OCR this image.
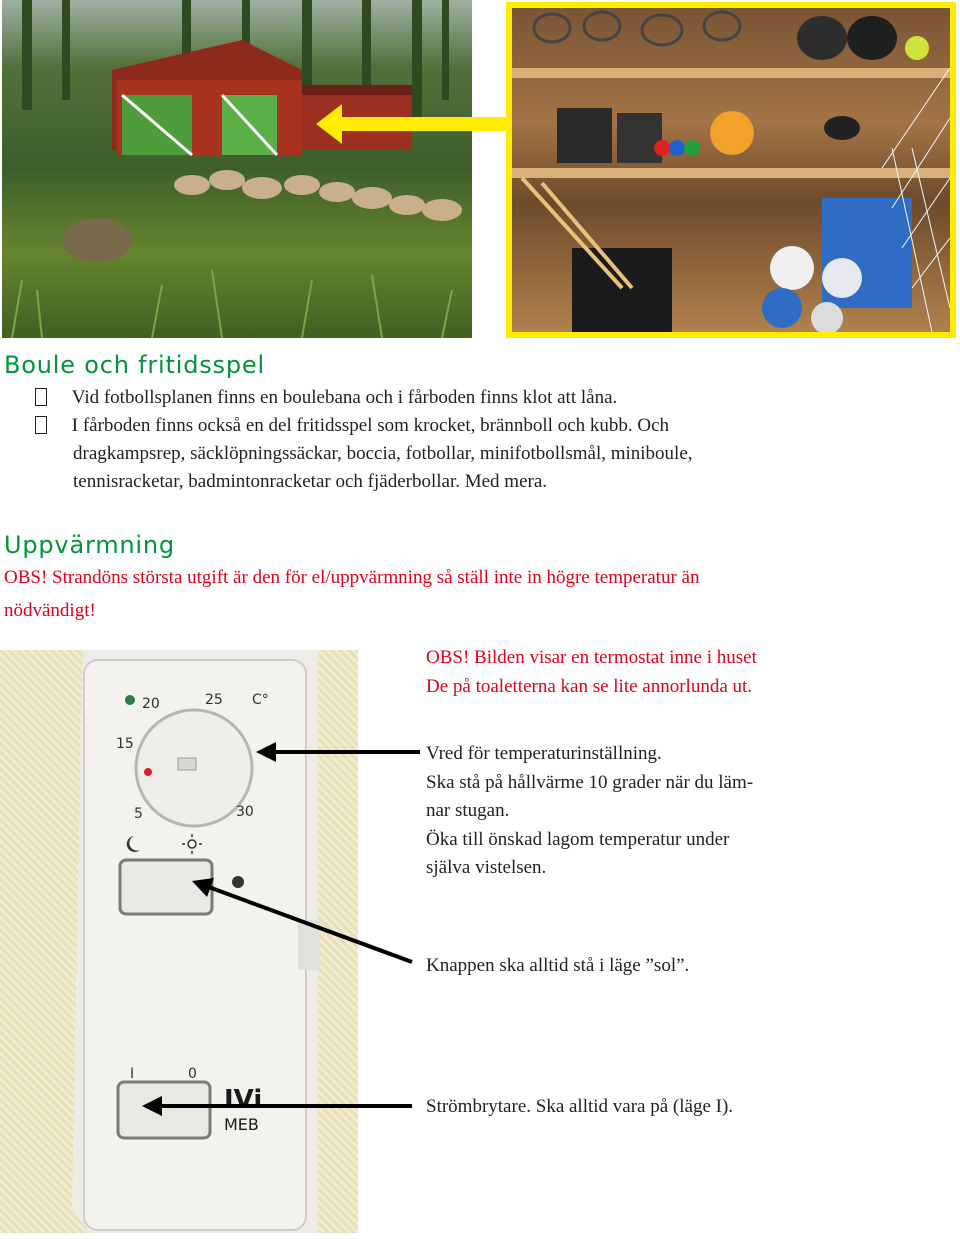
Boule och fritidsspel
Vid fotbollsplanen finns en boulebana och i fårboden finns klot att låna.
I fårboden finns också en del fritidsspel som krocket, brännboll och kubb. Och
dragkampsrep, säcklöpningssäckar, boccia, fotbollar, minifotbollsmål, miniboule,
tennisracketar, badmintonracketar och fjäderbollar. Med mera.
Uppvärmning
OBS! Strandöns största utgift är den för el/uppvärmning så ställ inte in högre temperatur än
nödvändigt!
20	25 C°
15
5	30
I	0
IVi
MEB
OBS! Bilden visar en termostat inne i huset
De på toaletterna kan se lite annorlunda ut.
Vred för temperaturinställning.
Ska stå på hållvärme 10 grader när du läm-
nar stugan.
Öka till önskad lagom temperatur under
själva vistelsen.
Knappen ska alltid stå i läge ”sol”.
Strömbrytare. Ska alltid vara på (läge I).
